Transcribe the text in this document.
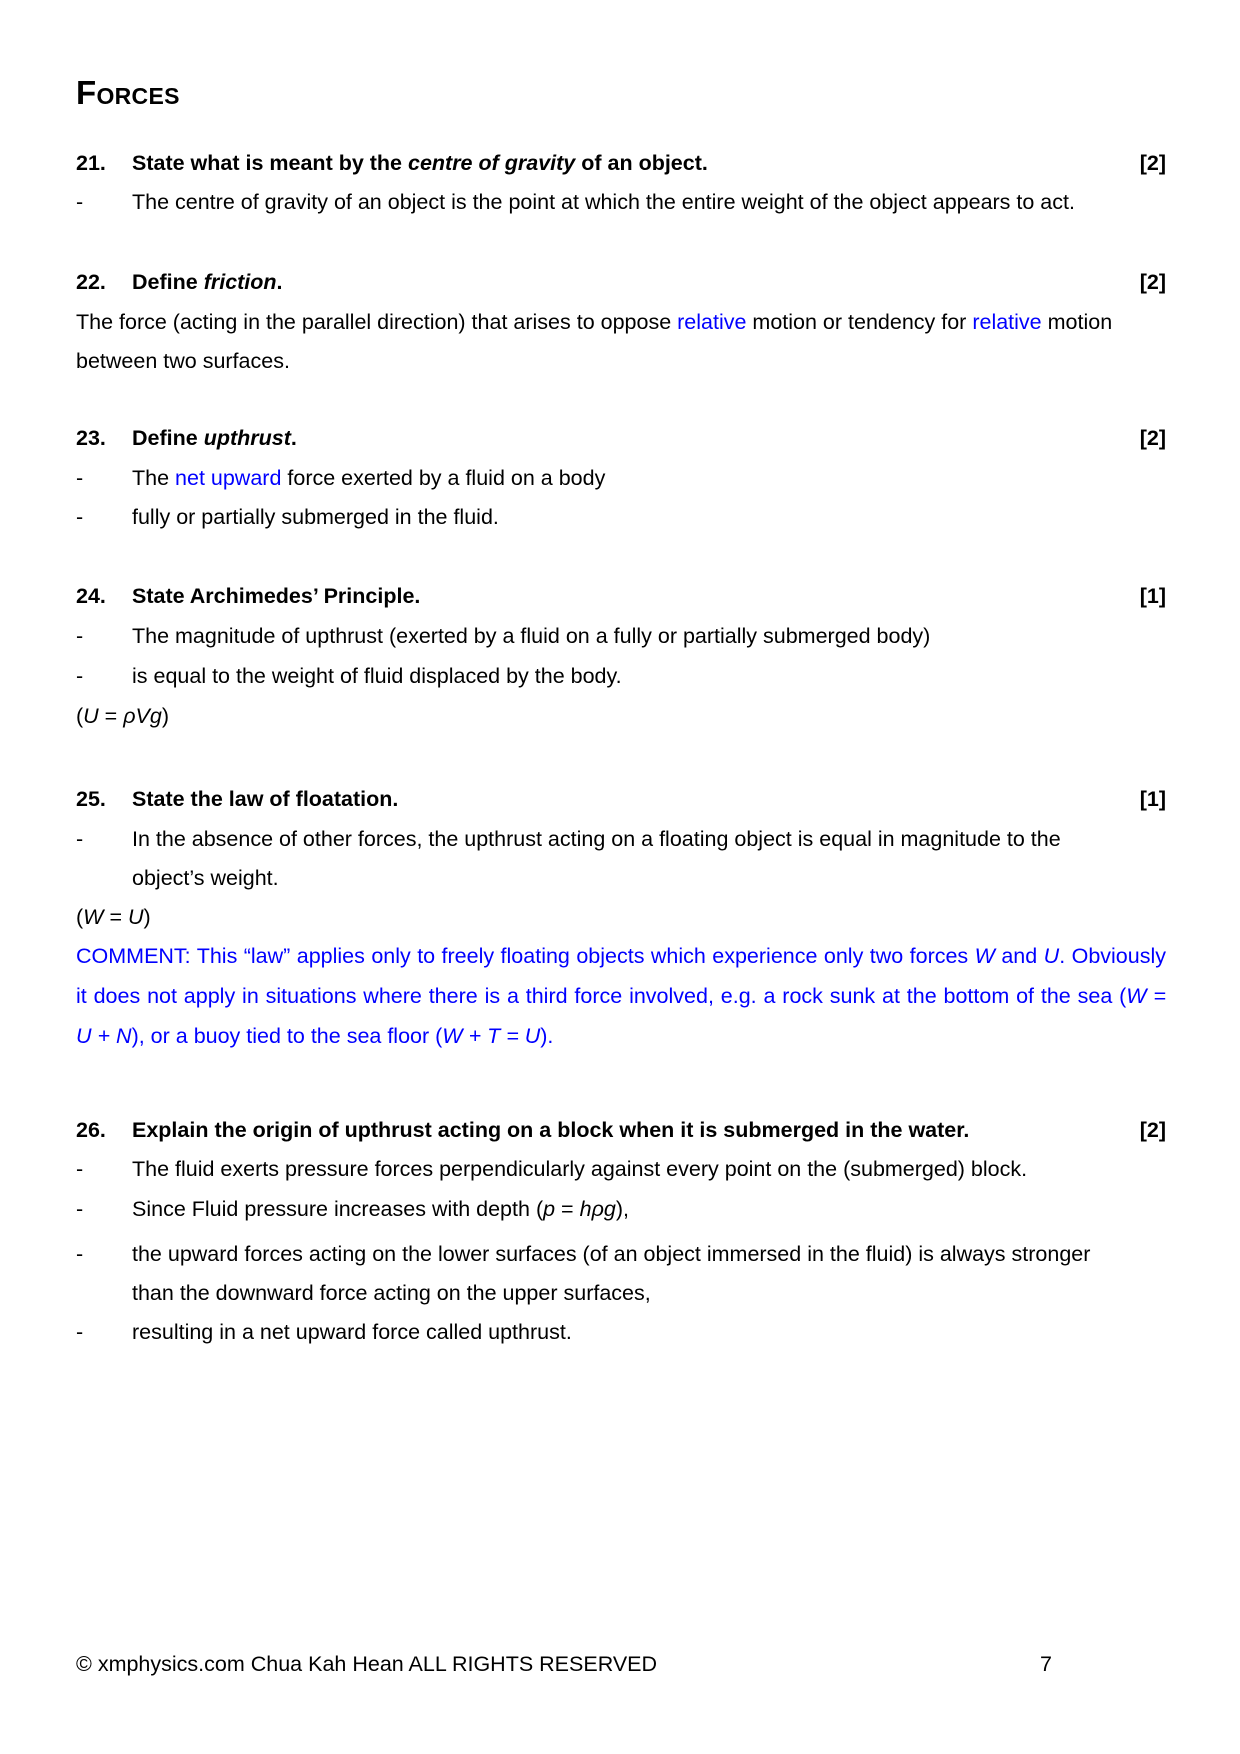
Forces
21. State what is meant by the centre of gravity of an object.	[2]
- The centre of gravity of an object is the point at which the entire weight of the object appears to act.
22. Define friction.	[2]
The force (acting in the parallel direction) that arises to oppose relative motion or tendency for relative motion
between two surfaces.
23. Define upthrust.	[2]
- The net upward force exerted by a fluid on a body
- fully or partially submerged in the fluid.
24. State Archimedes’ Principle.	[1]
- The magnitude of upthrust (exerted by a fluid on a fully or partially submerged body)
- is equal to the weight of fluid displaced by the body.
(U = ρVg)
25. State the law of floatation.	[1]
- In the absence of other forces, the upthrust acting on a floating object is equal in magnitude to the
object’s weight.
(W = U)
COMMENT: This “law” applies only to freely floating objects which experience only two forces W and U. Obviously it does not apply in situations where there is a third force involved, e.g. a rock sunk at the bottom of the sea (W = U + N), or a buoy tied to the sea floor (W + T = U).
26. Explain the origin of upthrust acting on a block when it is submerged in the water.	[2]
- The fluid exerts pressure forces perpendicularly against every point on the (submerged) block.
- Since Fluid pressure increases with depth (p = hρg),
- the upward forces acting on the lower surfaces (of an object immersed in the fluid) is always stronger
than the downward force acting on the upper surfaces,
- resulting in a net upward force called upthrust.
© xmphysics.com Chua Kah Hean ALL RIGHTS RESERVED	7
